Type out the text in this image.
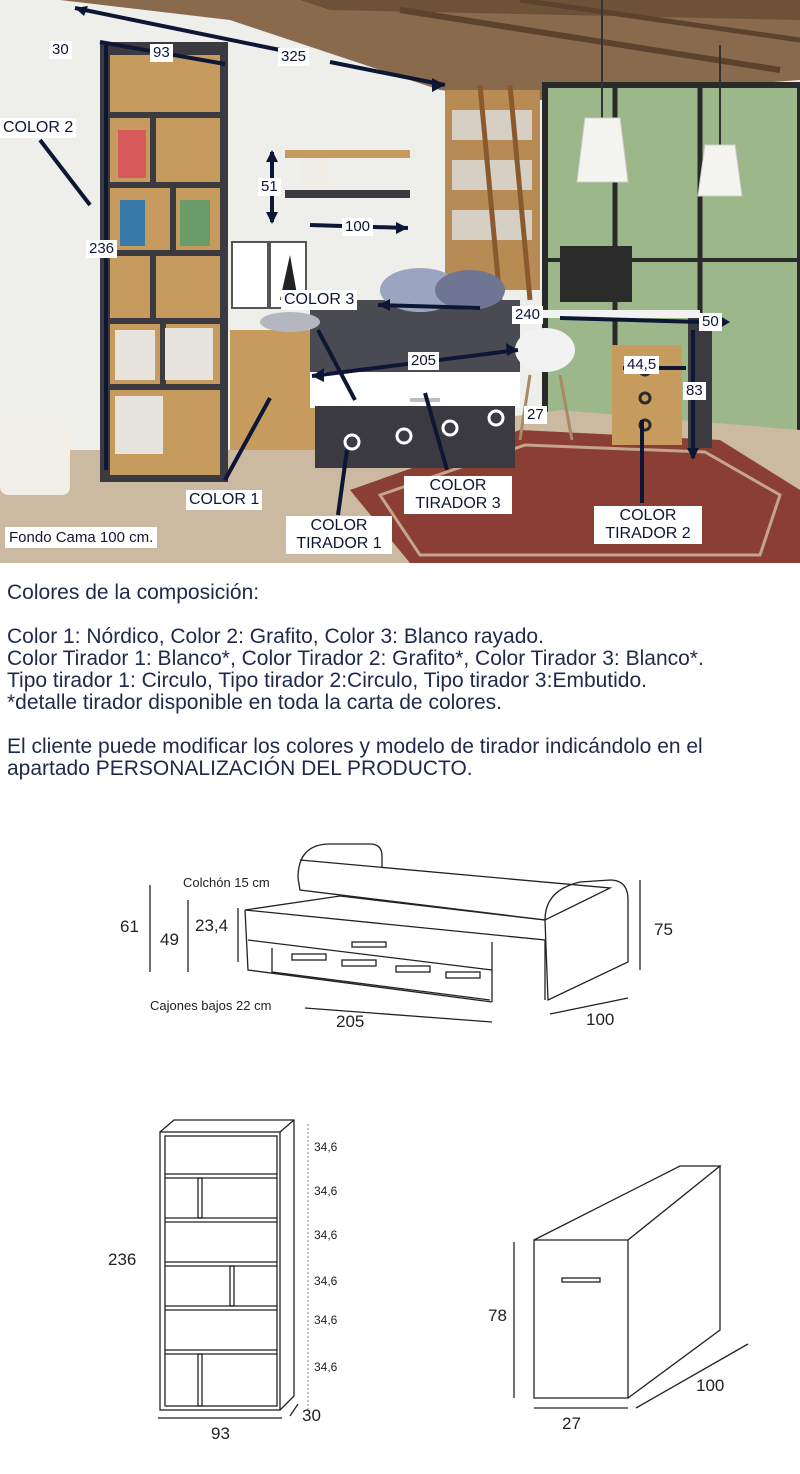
COLOR 2
COLOR 3
COLOR 1
COLOR TIRADOR 1
COLOR TIRADOR 3
COLOR TIRADOR 2
Fondo Cama 100 cm.
30	93	325
51
100
236
205
240	50
44,5
83
27
Colores de la composición:
Color 1: Nórdico, Color 2: Grafito, Color 3: Blanco rayado.
Color Tirador 1: Blanco*, Color Tirador 2: Grafito*, Color Tirador 3: Blanco*.
Tipo tirador 1: Circulo, Tipo tirador 2:Circulo, Tipo tirador 3:Embutido.
*detalle tirador disponible en toda la carta de colores.
El cliente puede modificar los colores y modelo de tirador indicándolo en el
apartado PERSONALIZACIÓN DEL PRODUCTO.
Colchón 15 cm
Cajones bajos 22 cm
61
49
23,4	75
205	100
236
93
30
34,6
34,6
34,6
34,6
34,6
34,6
78
27
100
